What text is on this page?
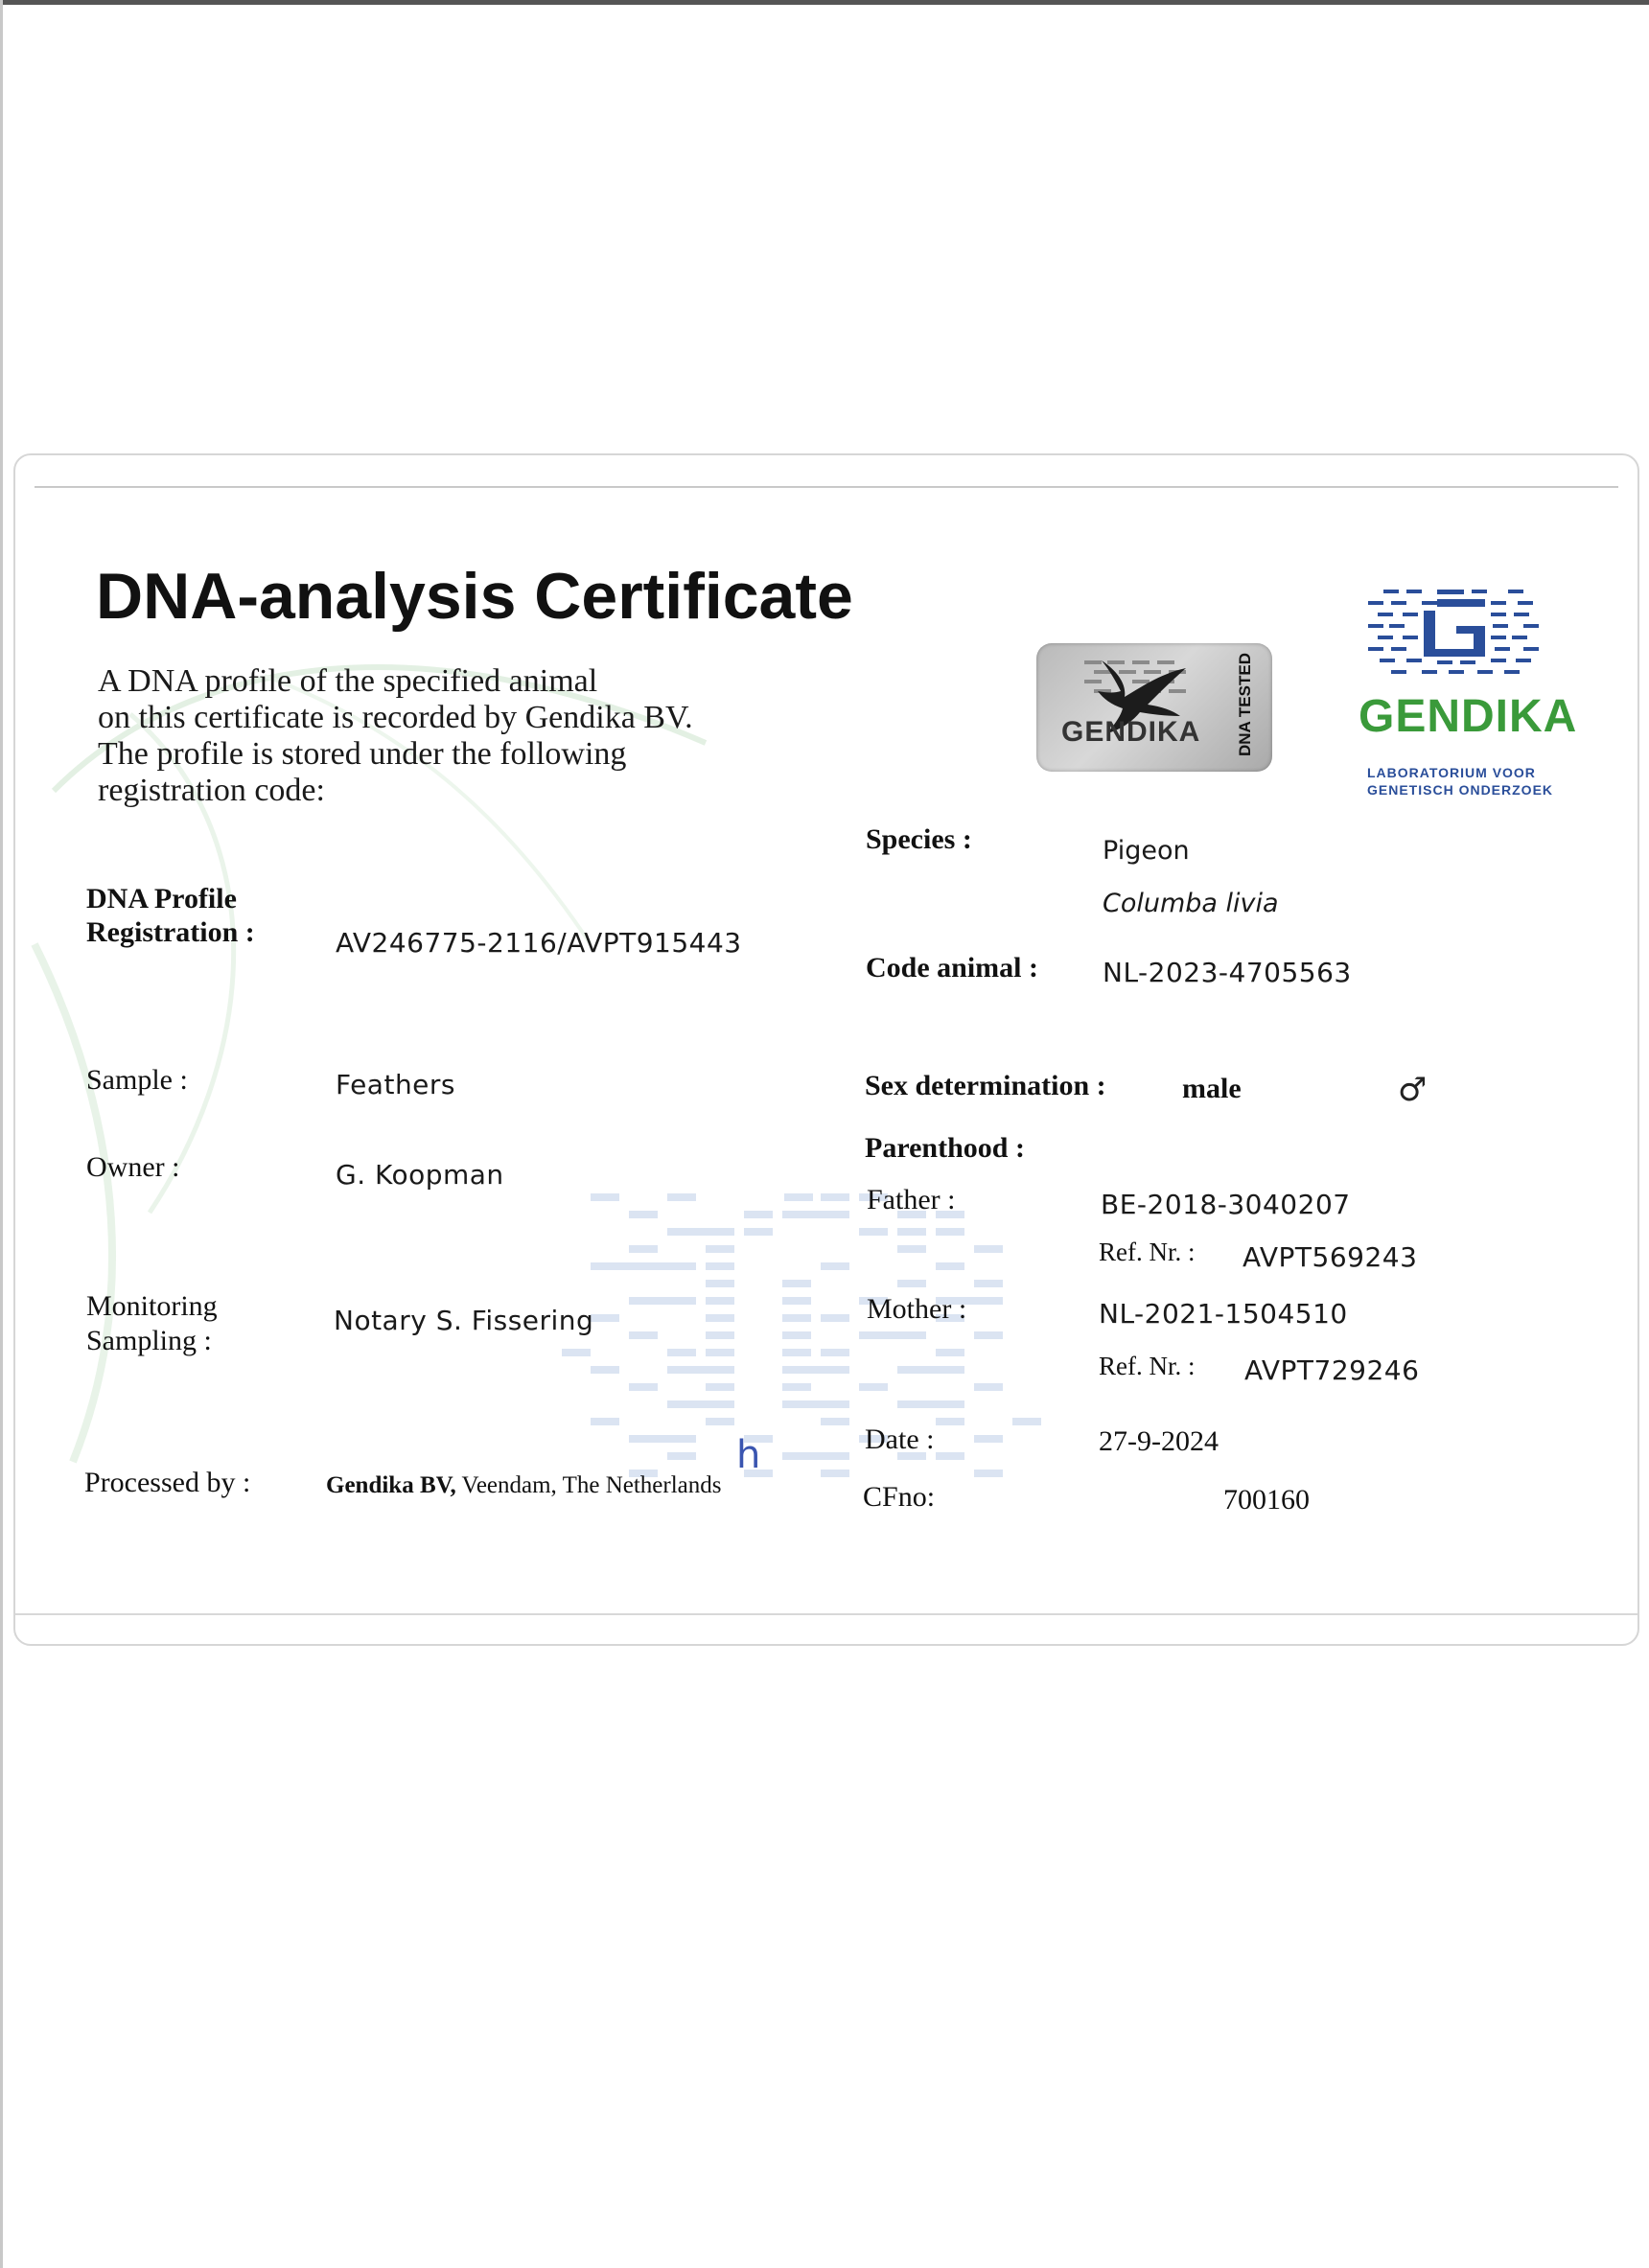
DNA-analysis Certificate
A DNA profile of the specified animal
on this certificate is recorded by Gendika BV.
The profile is stored under the following
registration code:
GENDIKA DNA TESTED GENDIKA
LABORATORIUM VOOR
GENETISCH ONDERZOEK
DNA Profile
Registration :	AV246775-2116/AVPT915443
Sample :	Feathers
Owner :	G. Koopman
Monitoring
Sampling :
Notary S. Fissering
Processed by :	Gendika BV, Veendam, The Netherlands
h
Species :	Pigeon
Columba livia
Code animal : NL-2023-4705563
Sex determination :	male	♂
Parenthood :
Father :	BE-2018-3040207
Ref. Nr. : AVPT569243
Mother :	NL-2021-1504510
Ref. Nr. : AVPT729246
Date :	27-9-2024
CFno:	700160
